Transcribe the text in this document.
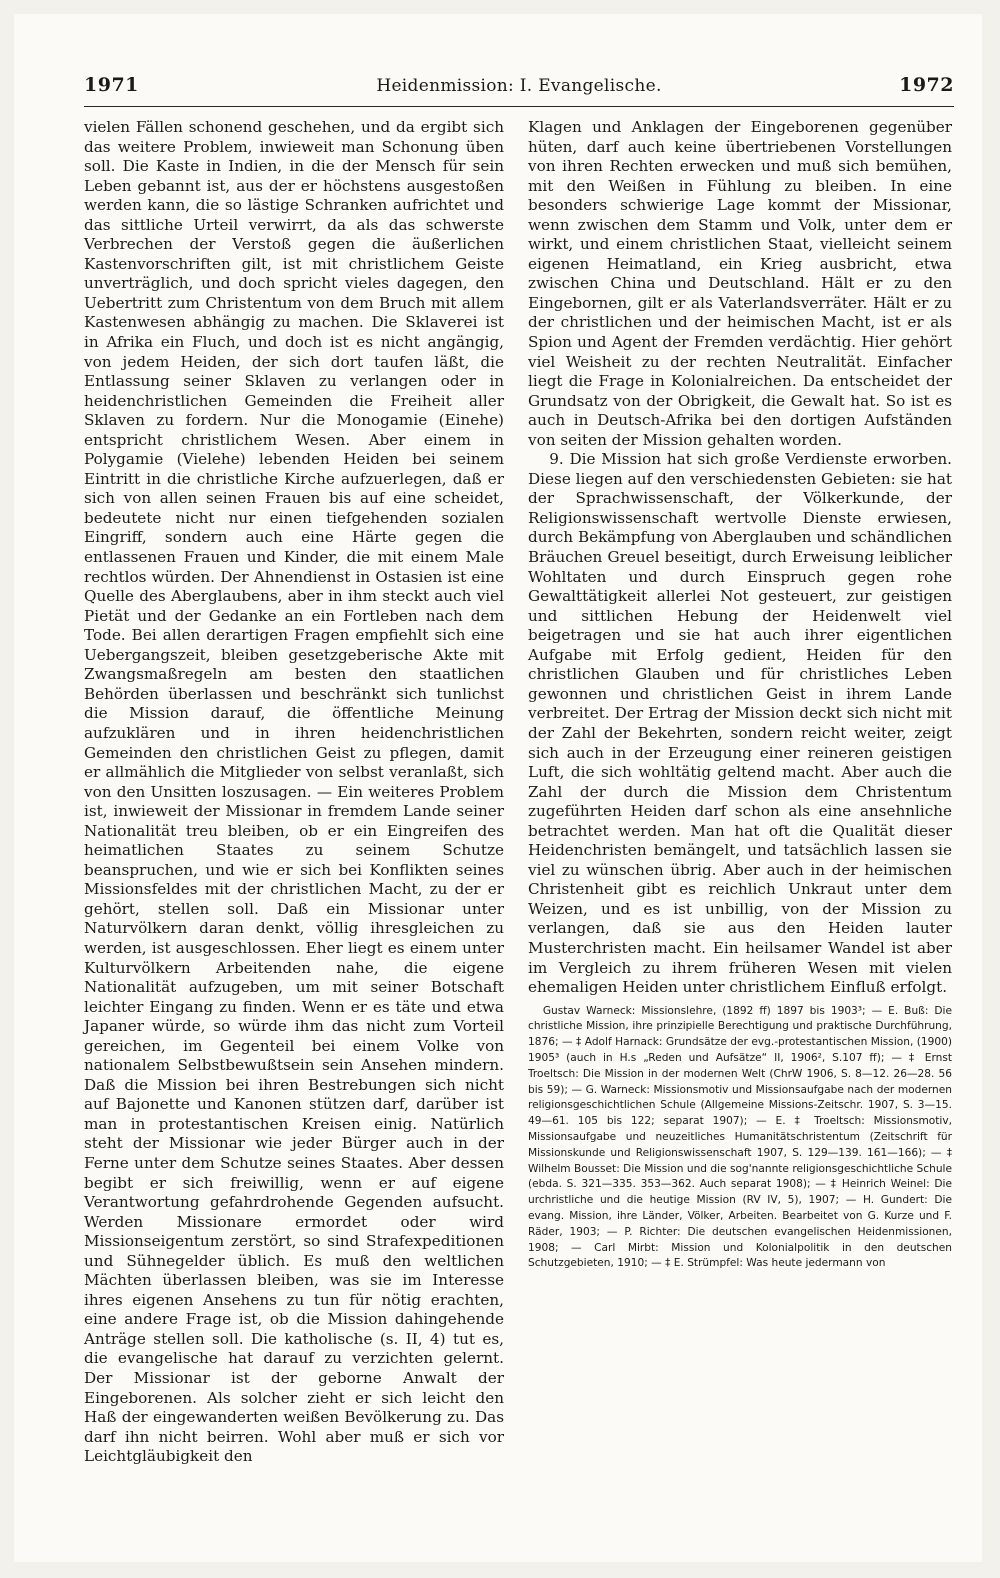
1971	Heidenmission: I. Evangelische.	1972

vielen Fällen schonend geschehen, und da ergibt sich das weitere Problem, inwieweit man Schonung üben soll. Die Kaste in Indien, in die der Mensch für sein Leben gebannt ist, aus der er höchstens ausgestoßen werden kann, die so lästige Schranken aufrichtet und das sittliche Urteil verwirrt, da als das schwerste Verbrechen der Verstoß gegen die äußerlichen Kastenvorschriften gilt, ist mit christlichem Geiste unverträglich, und doch spricht vieles dagegen, den Uebertritt zum Christentum von dem Bruch mit allem Kastenwesen abhängig zu machen. Die Sklaverei ist in Afrika ein Fluch, und doch ist es nicht angängig, von jedem Heiden, der sich dort taufen läßt, die Entlassung seiner Sklaven zu verlangen oder in heidenchristlichen Gemeinden die Freiheit aller Sklaven zu fordern. Nur die Monogamie (Einehe) entspricht christlichem Wesen. Aber einem in Polygamie (Vielehe) lebenden Heiden bei seinem Eintritt in die christliche Kirche aufzuerlegen, daß er sich von allen seinen Frauen bis auf eine scheidet, bedeutete nicht nur einen tiefgehenden sozialen Eingriff, sondern auch eine Härte gegen die entlassenen Frauen und Kinder, die mit einem Male rechtlos würden. Der Ahnendienst in Ostasien ist eine Quelle des Aberglaubens, aber in ihm steckt auch viel Pietät und der Gedanke an ein Fortleben nach dem Tode. Bei allen derartigen Fragen empfiehlt sich eine Uebergangszeit, bleiben gesetzgeberische Akte mit Zwangsmaßregeln am besten den staatlichen Behörden überlassen und beschränkt sich tunlichst die Mission darauf, die öffentliche Meinung aufzuklären und in ihren heidenchristlichen Gemeinden den christlichen Geist zu pflegen, damit er allmählich die Mitglieder von selbst veranlaßt, sich von den Unsitten loszusagen. — Ein weiteres Problem ist, inwieweit der Missionar in fremdem Lande seiner Nationalität treu bleiben, ob er ein Eingreifen des heimatlichen Staates zu seinem Schutze beanspruchen, und wie er sich bei Konflikten seines Missionsfeldes mit der christlichen Macht, zu der er gehört, stellen soll. Daß ein Missionar unter Naturvölkern daran denkt, völlig ihresgleichen zu werden, ist ausgeschlossen. Eher liegt es einem unter Kulturvölkern Arbeitenden nahe, die eigene Nationalität aufzugeben, um mit seiner Botschaft leichter Eingang zu finden. Wenn er es täte und etwa Japaner würde, so würde ihm das nicht zum Vorteil gereichen, im Gegenteil bei einem Volke von nationalem Selbstbewußtsein sein Ansehen mindern. Daß die Mission bei ihren Bestrebungen sich nicht auf Bajonette und Kanonen stützen darf, darüber ist man in protestantischen Kreisen einig. Natürlich steht der Missionar wie jeder Bürger auch in der Ferne unter dem Schutze seines Staates. Aber dessen begibt er sich freiwillig, wenn er auf eigene Verantwortung gefahrdrohende Gegenden aufsucht. Werden Missionare ermordet oder wird Missionseigentum zerstört, so sind Strafexpeditionen und Sühnegelder üblich. Es muß den weltlichen Mächten überlassen bleiben, was sie im Interesse ihres eigenen Ansehens zu tun für nötig erachten, eine andere Frage ist, ob die Mission dahingehende Anträge stellen soll. Die katholische (s. II, 4) tut es, die evangelische hat darauf zu verzichten gelernt. Der Missionar ist der geborne Anwalt der Eingeborenen. Als solcher zieht er sich leicht den Haß der eingewanderten weißen Bevölkerung zu. Das darf ihn nicht beirren. Wohl aber muß er sich vor Leichtgläubigkeit den

Klagen und Anklagen der Eingeborenen gegenüber hüten, darf auch keine übertriebenen Vorstellungen von ihren Rechten erwecken und muß sich bemühen, mit den Weißen in Fühlung zu bleiben. In eine besonders schwierige Lage kommt der Missionar, wenn zwischen dem Stamm und Volk, unter dem er wirkt, und einem christlichen Staat, vielleicht seinem eigenen Heimatland, ein Krieg ausbricht, etwa zwischen China und Deutschland. Hält er zu den Eingebornen, gilt er als Vaterlandsverräter. Hält er zu der christlichen und der heimischen Macht, ist er als Spion und Agent der Fremden verdächtig. Hier gehört viel Weisheit zu der rechten Neutralität. Einfacher liegt die Frage in Kolonialreichen. Da entscheidet der Grundsatz von der Obrigkeit, die Gewalt hat. So ist es auch in Deutsch-Afrika bei den dortigen Aufständen von seiten der Mission gehalten worden.

9. Die Mission hat sich große Verdienste erworben. Diese liegen auf den verschiedensten Gebieten: sie hat der Sprachwissenschaft, der Völkerkunde, der Religionswissenschaft wertvolle Dienste erwiesen, durch Bekämpfung von Aberglauben und schändlichen Bräuchen Greuel beseitigt, durch Erweisung leiblicher Wohltaten und durch Einspruch gegen rohe Gewalttätigkeit allerlei Not gesteuert, zur geistigen und sittlichen Hebung der Heidenwelt viel beigetragen und sie hat auch ihrer eigentlichen Aufgabe mit Erfolg gedient, Heiden für den christlichen Glauben und für christliches Leben gewonnen und christlichen Geist in ihrem Lande verbreitet. Der Ertrag der Mission deckt sich nicht mit der Zahl der Bekehrten, sondern reicht weiter, zeigt sich auch in der Erzeugung einer reineren geistigen Luft, die sich wohltätig geltend macht. Aber auch die Zahl der durch die Mission dem Christentum zugeführten Heiden darf schon als eine ansehnliche betrachtet werden. Man hat oft die Qualität dieser Heidenchristen bemängelt, und tatsächlich lassen sie viel zu wünschen übrig. Aber auch in der heimischen Christenheit gibt es reichlich Unkraut unter dem Weizen, und es ist unbillig, von der Mission zu verlangen, daß sie aus den Heiden lauter Musterchristen macht. Ein heilsamer Wandel ist aber im Vergleich zu ihrem früheren Wesen mit vielen ehemaligen Heiden unter christlichem Einfluß erfolgt.

Gustav Warneck: Missionslehre, (1892 ff) 1897 bis 1903³; — E. Buß: Die christliche Mission, ihre prinzipielle Berechtigung und praktische Durchführung, 1876; — ‡ Adolf Harnack: Grundsätze der evg.-protestantischen Mission, (1900) 1905³ (auch in H.s „Reden und Aufsätze“ II, 1906², S.107 ff); — ‡ Ernst Troeltsch: Die Mission in der modernen Welt (ChrW 1906, S. 8—12. 26—28. 56 bis 59); — G. Warneck: Missionsmotiv und Missionsaufgabe nach der modernen religionsgeschichtlichen Schule (Allgemeine Missions-Zeitschr. 1907, S. 3—15. 49—61. 105 bis 122; separat 1907); — E. ‡ Troeltsch: Missionsmotiv, Missionsaufgabe und neuzeitliches Humanitätschristentum (Zeitschrift für Missionskunde und Religionswissenschaft 1907, S. 129—139. 161—166); — ‡ Wilhelm Bousset: Die Mission und die sog'nannte religionsgeschichtliche Schule (ebda. S. 321—335. 353—362. Auch separat 1908); — ‡ Heinrich Weinel: Die urchristliche und die heutige Mission (RV IV, 5), 1907; — H. Gundert: Die evang. Mission, ihre Länder, Völker, Arbeiten. Bearbeitet von G. Kurze und F. Räder, 1903; — P. Richter: Die deutschen evangelischen Heidenmissionen, 1908; — Carl Mirbt: Mission und Kolonialpolitik in den deutschen Schutzgebieten, 1910; — ‡ E. Strümpfel: Was heute jedermann von
